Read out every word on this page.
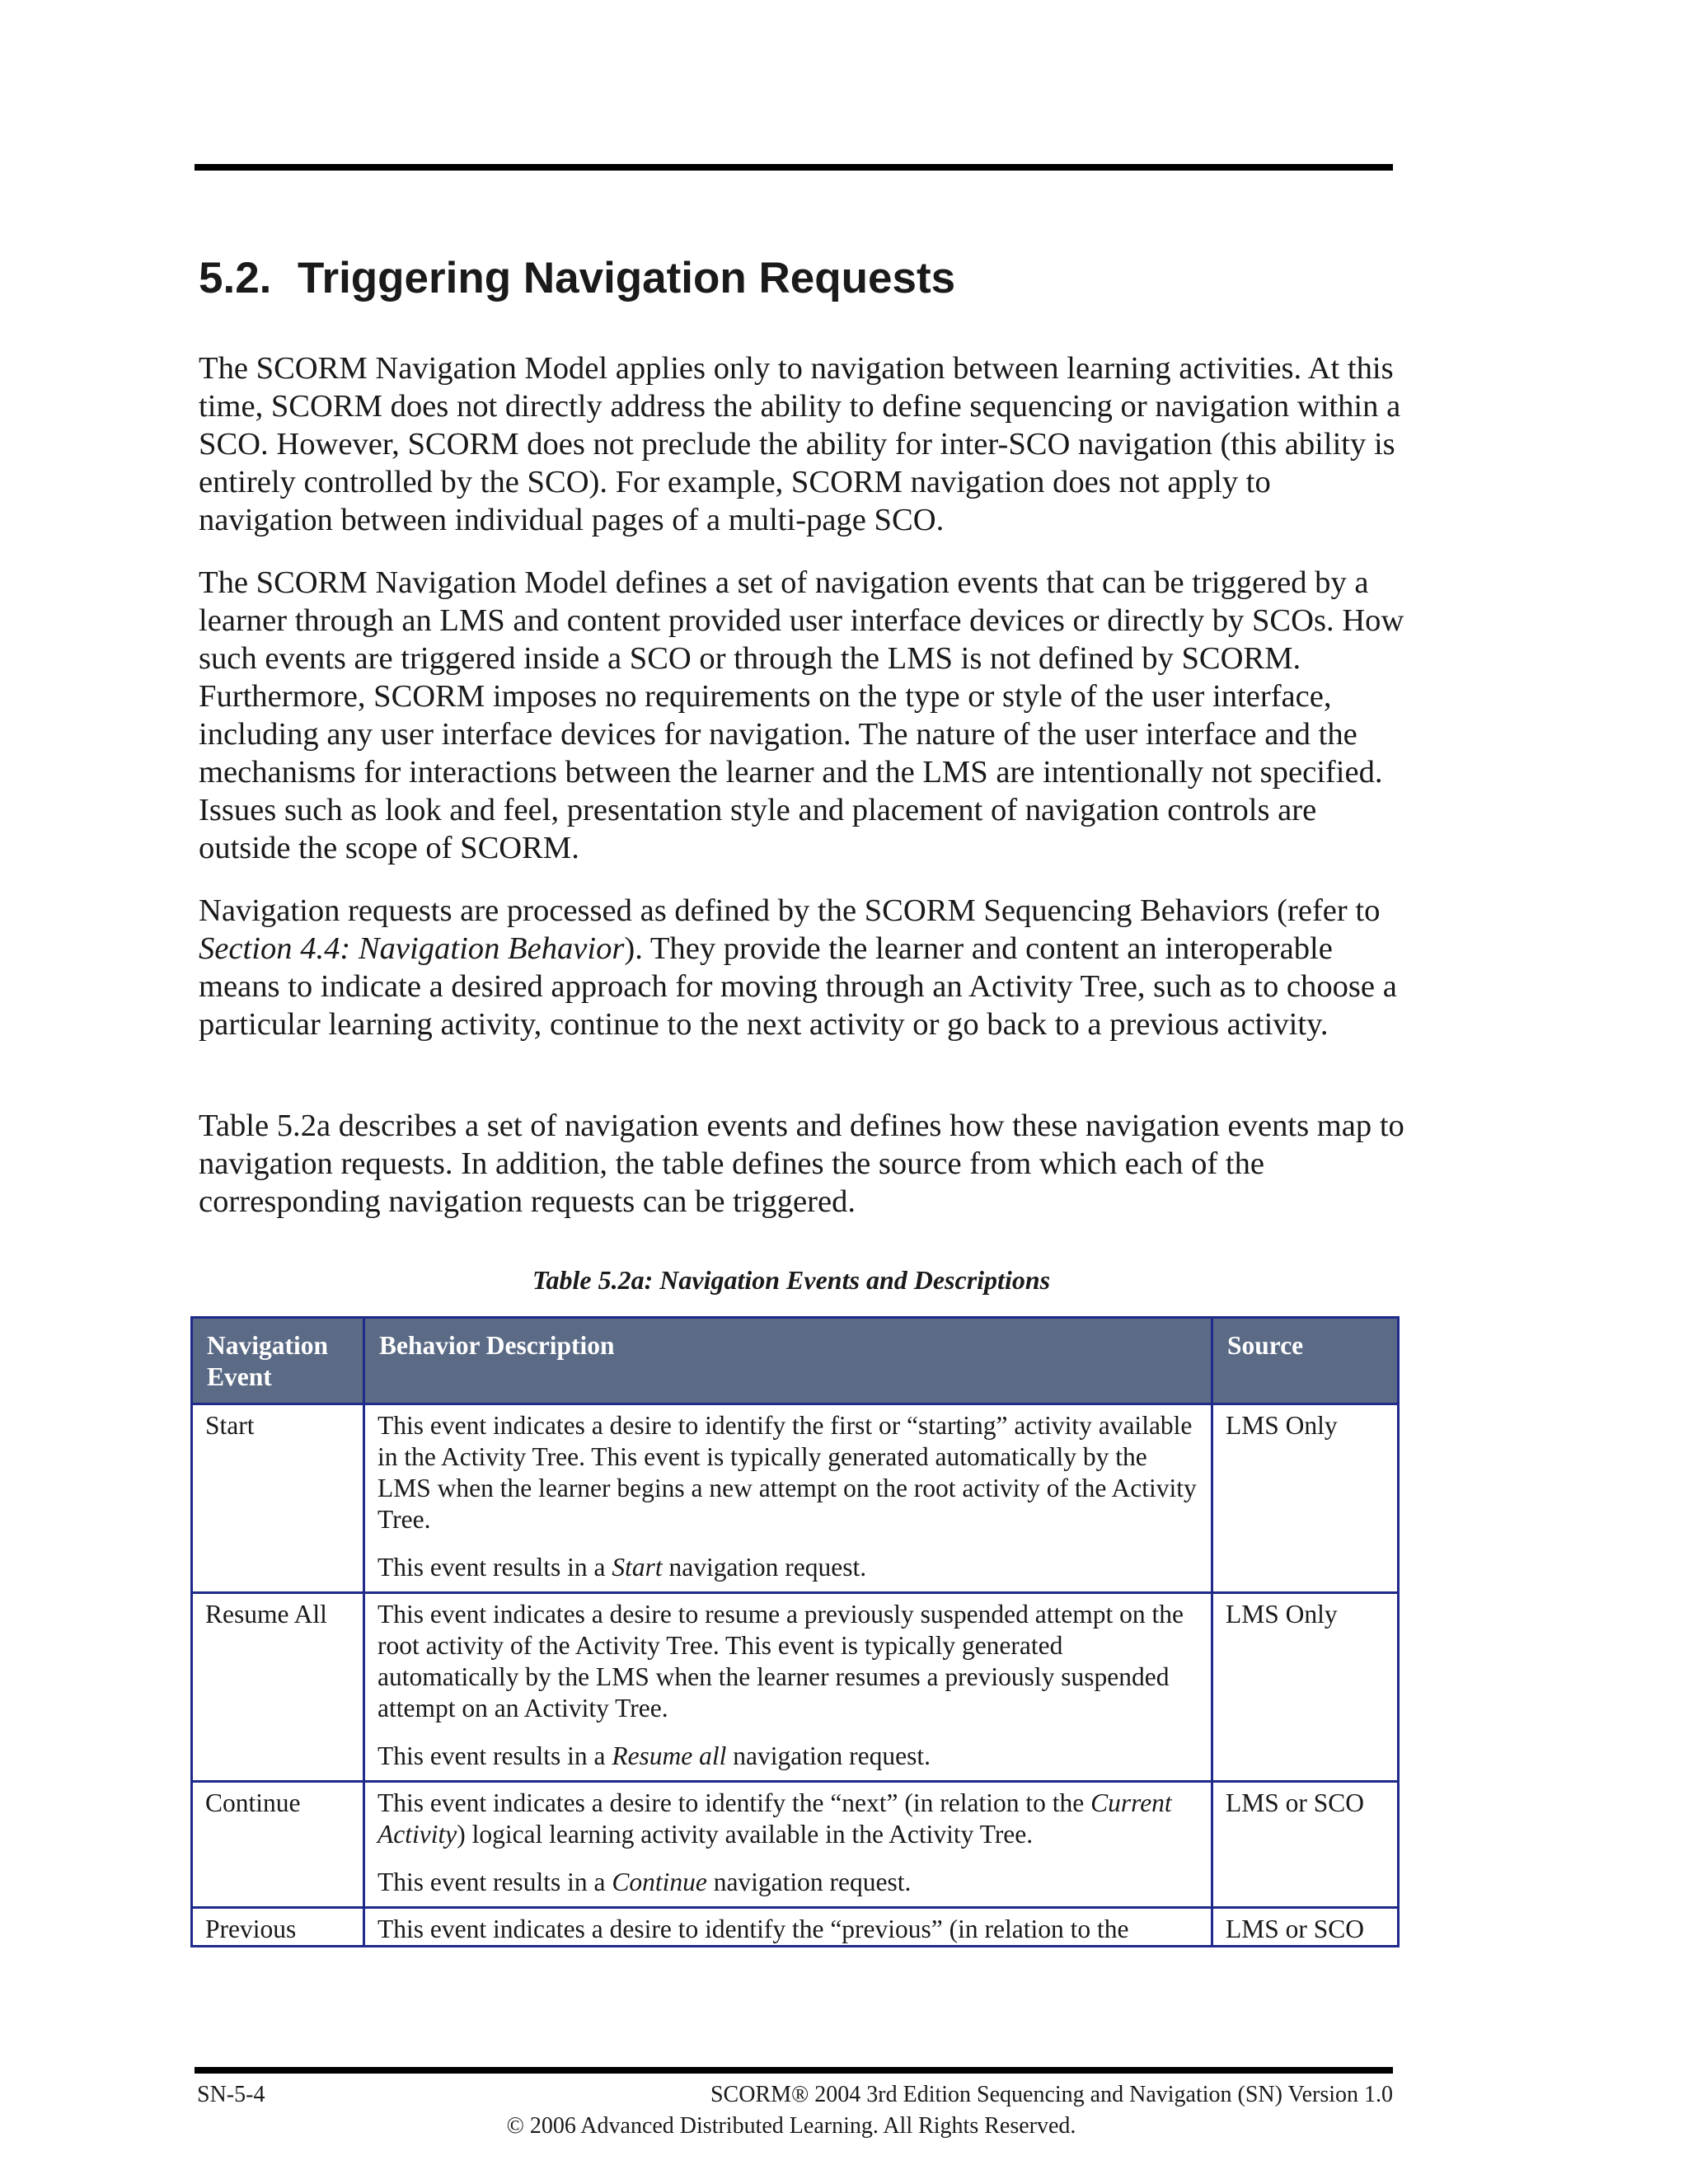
5.2. Triggering Navigation Requests

The SCORM Navigation Model applies only to navigation between learning activities. At this time, SCORM does not directly address the ability to define sequencing or navigation within a SCO. However, SCORM does not preclude the ability for inter-SCO navigation (this ability is entirely controlled by the SCO). For example, SCORM navigation does not apply to navigation between individual pages of a multi-page SCO.

The SCORM Navigation Model defines a set of navigation events that can be triggered by a learner through an LMS and content provided user interface devices or directly by SCOs. How such events are triggered inside a SCO or through the LMS is not defined by SCORM. Furthermore, SCORM imposes no requirements on the type or style of the user interface, including any user interface devices for navigation. The nature of the user interface and the mechanisms for interactions between the learner and the LMS are intentionally not specified. Issues such as look and feel, presentation style and placement of navigation controls are outside the scope of SCORM.

Navigation requests are processed as defined by the SCORM Sequencing Behaviors (refer to Section 4.4: Navigation Behavior). They provide the learner and content an interoperable means to indicate a desired approach for moving through an Activity Tree, such as to choose a particular learning activity, continue to the next activity or go back to a previous activity.

Table 5.2a describes a set of navigation events and defines how these navigation events map to navigation requests. In addition, the table defines the source from which each of the corresponding navigation requests can be triggered.

Table 5.2a: Navigation Events and Descriptions

Navigation Event	Behavior Description	Source
Start	This event indicates a desire to identify the first or “starting” activity available in the Activity Tree. This event is typically generated automatically by the LMS when the learner begins a new attempt on the root activity of the Activity Tree.

This event results in a Start navigation request.	LMS Only
Resume All	This event indicates a desire to resume a previously suspended attempt on the root activity of the Activity Tree. This event is typically generated automatically by the LMS when the learner resumes a previously suspended attempt on an Activity Tree.

This event results in a Resume all navigation request.	LMS Only
Continue	This event indicates a desire to identify the “next” (in relation to the Current Activity) logical learning activity available in the Activity Tree.

This event results in a Continue navigation request.	LMS or SCO
Previous	This event indicates a desire to identify the “previous” (in relation to the	LMS or SCO
SN-5-4	SCORM® 2004 3rd Edition Sequencing and Navigation (SN) Version 1.0
© 2006 Advanced Distributed Learning. All Rights Reserved.
